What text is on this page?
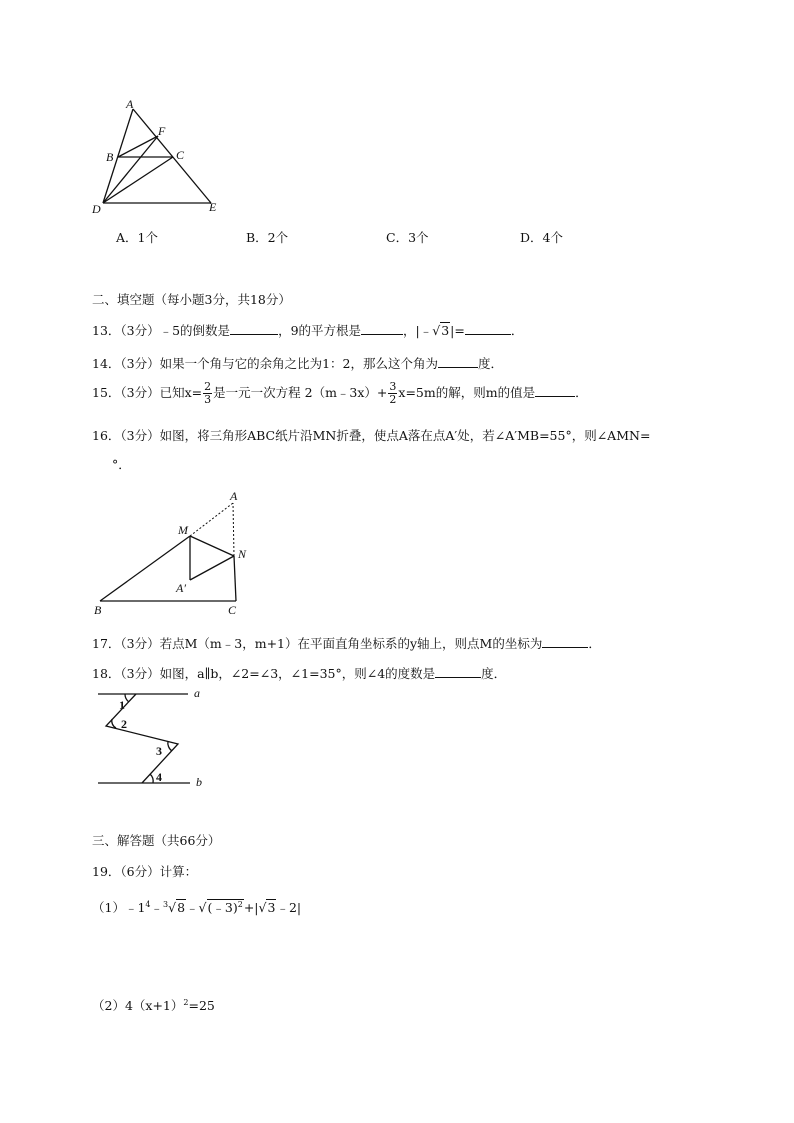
A
F
B	C
D	E
A．1个	B．2个	C．3个	D．4个
二、填空题（每小题3分，共18分）
13．（3分）﹣5的倒数是	，9的平方根是	，|﹣√3|=	．
14．（3分）如果一个角与它的余角之比为1：2，那么这个角为	度．
15．（3分）已知$x= \frac{2}{3}$ 是一元一次方程 2（m﹣3x）+ $\frac{3}{2} x=5m$的解，则m的值是	．
16．（3分）如图，将三角形ABC纸片沿MN折叠，使点A落在点A′处，若∠A′MB=55°，则∠AMN=
°．
A
M
N
A′
B	C
17．（3分）若点M（m﹣3，m+1）在平面直角坐标系的y轴上，则点M的坐标为	．
18．（3分）如图，a∥b，∠2=∠3，∠1=35°，则∠4的度数是	度．
1
2
3
4
a
b
三、解答题（共66分）
19．（6分）计算：
$(1)﹣1^4﹣^3√8﹣√(﹣3)^2+|√3﹣2|$
$(2)4(x+1)^2=25$
